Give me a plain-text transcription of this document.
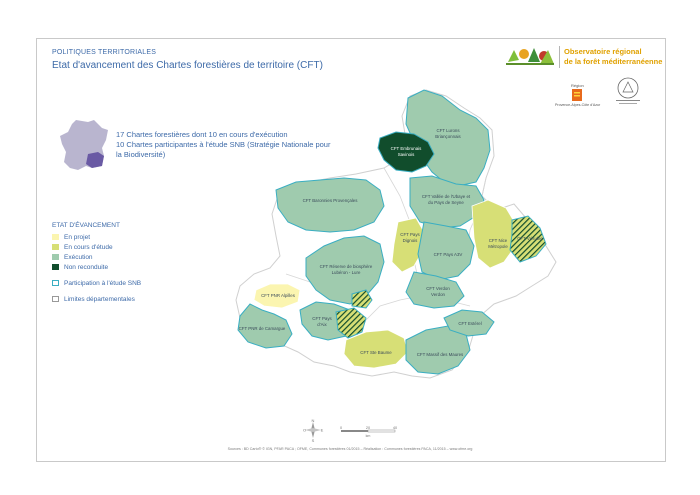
POLITIQUES TERRITORIALES
Etat d'avancement des Chartes forestières de territoire (CFT)
Observatoire régional
de la forêt méditerranéenne
Région
Provence-Alpes-Côte d'Azur
17 Chartes forestières dont 10 en cours d'exécution
10 Chartes participantes à l'étude SNB (Stratégie Nationale pour la Biodiversité)
ETAT D'ÉVANCEMENT
En projet
En cours d'étude
Exécution
Non reconduite
Participation à l'étude SNB
Limites départementales
CFT Lurons
Briançonnais
CFT Embrunais
Savinois
CFT Baronnies Provençales
CFT Vallée de l'Ubaye et
du Pays de Seyne
CFT Pays
Dignois
CFT Pays A3V
CFT Nice
Métropole
CFT Vésubie
CFT Verdon
Verdon
CFT Réserve de biosphère
Lubéron - Lure
CFT PNR Alpilles
CFT PNR de Camargue
CFT Pays
d'Aix
CFT Ste Baume	CFT Massif des Maures
CFT Estérel
N
S
E
O	0	20	40
km
Sources : BD Carto® © IGN, PFAR PACA ; OFME, Communes forestières 01/2015 – Réalisation : Communes forestières PACA, 11/2015 – www.ofme.org
